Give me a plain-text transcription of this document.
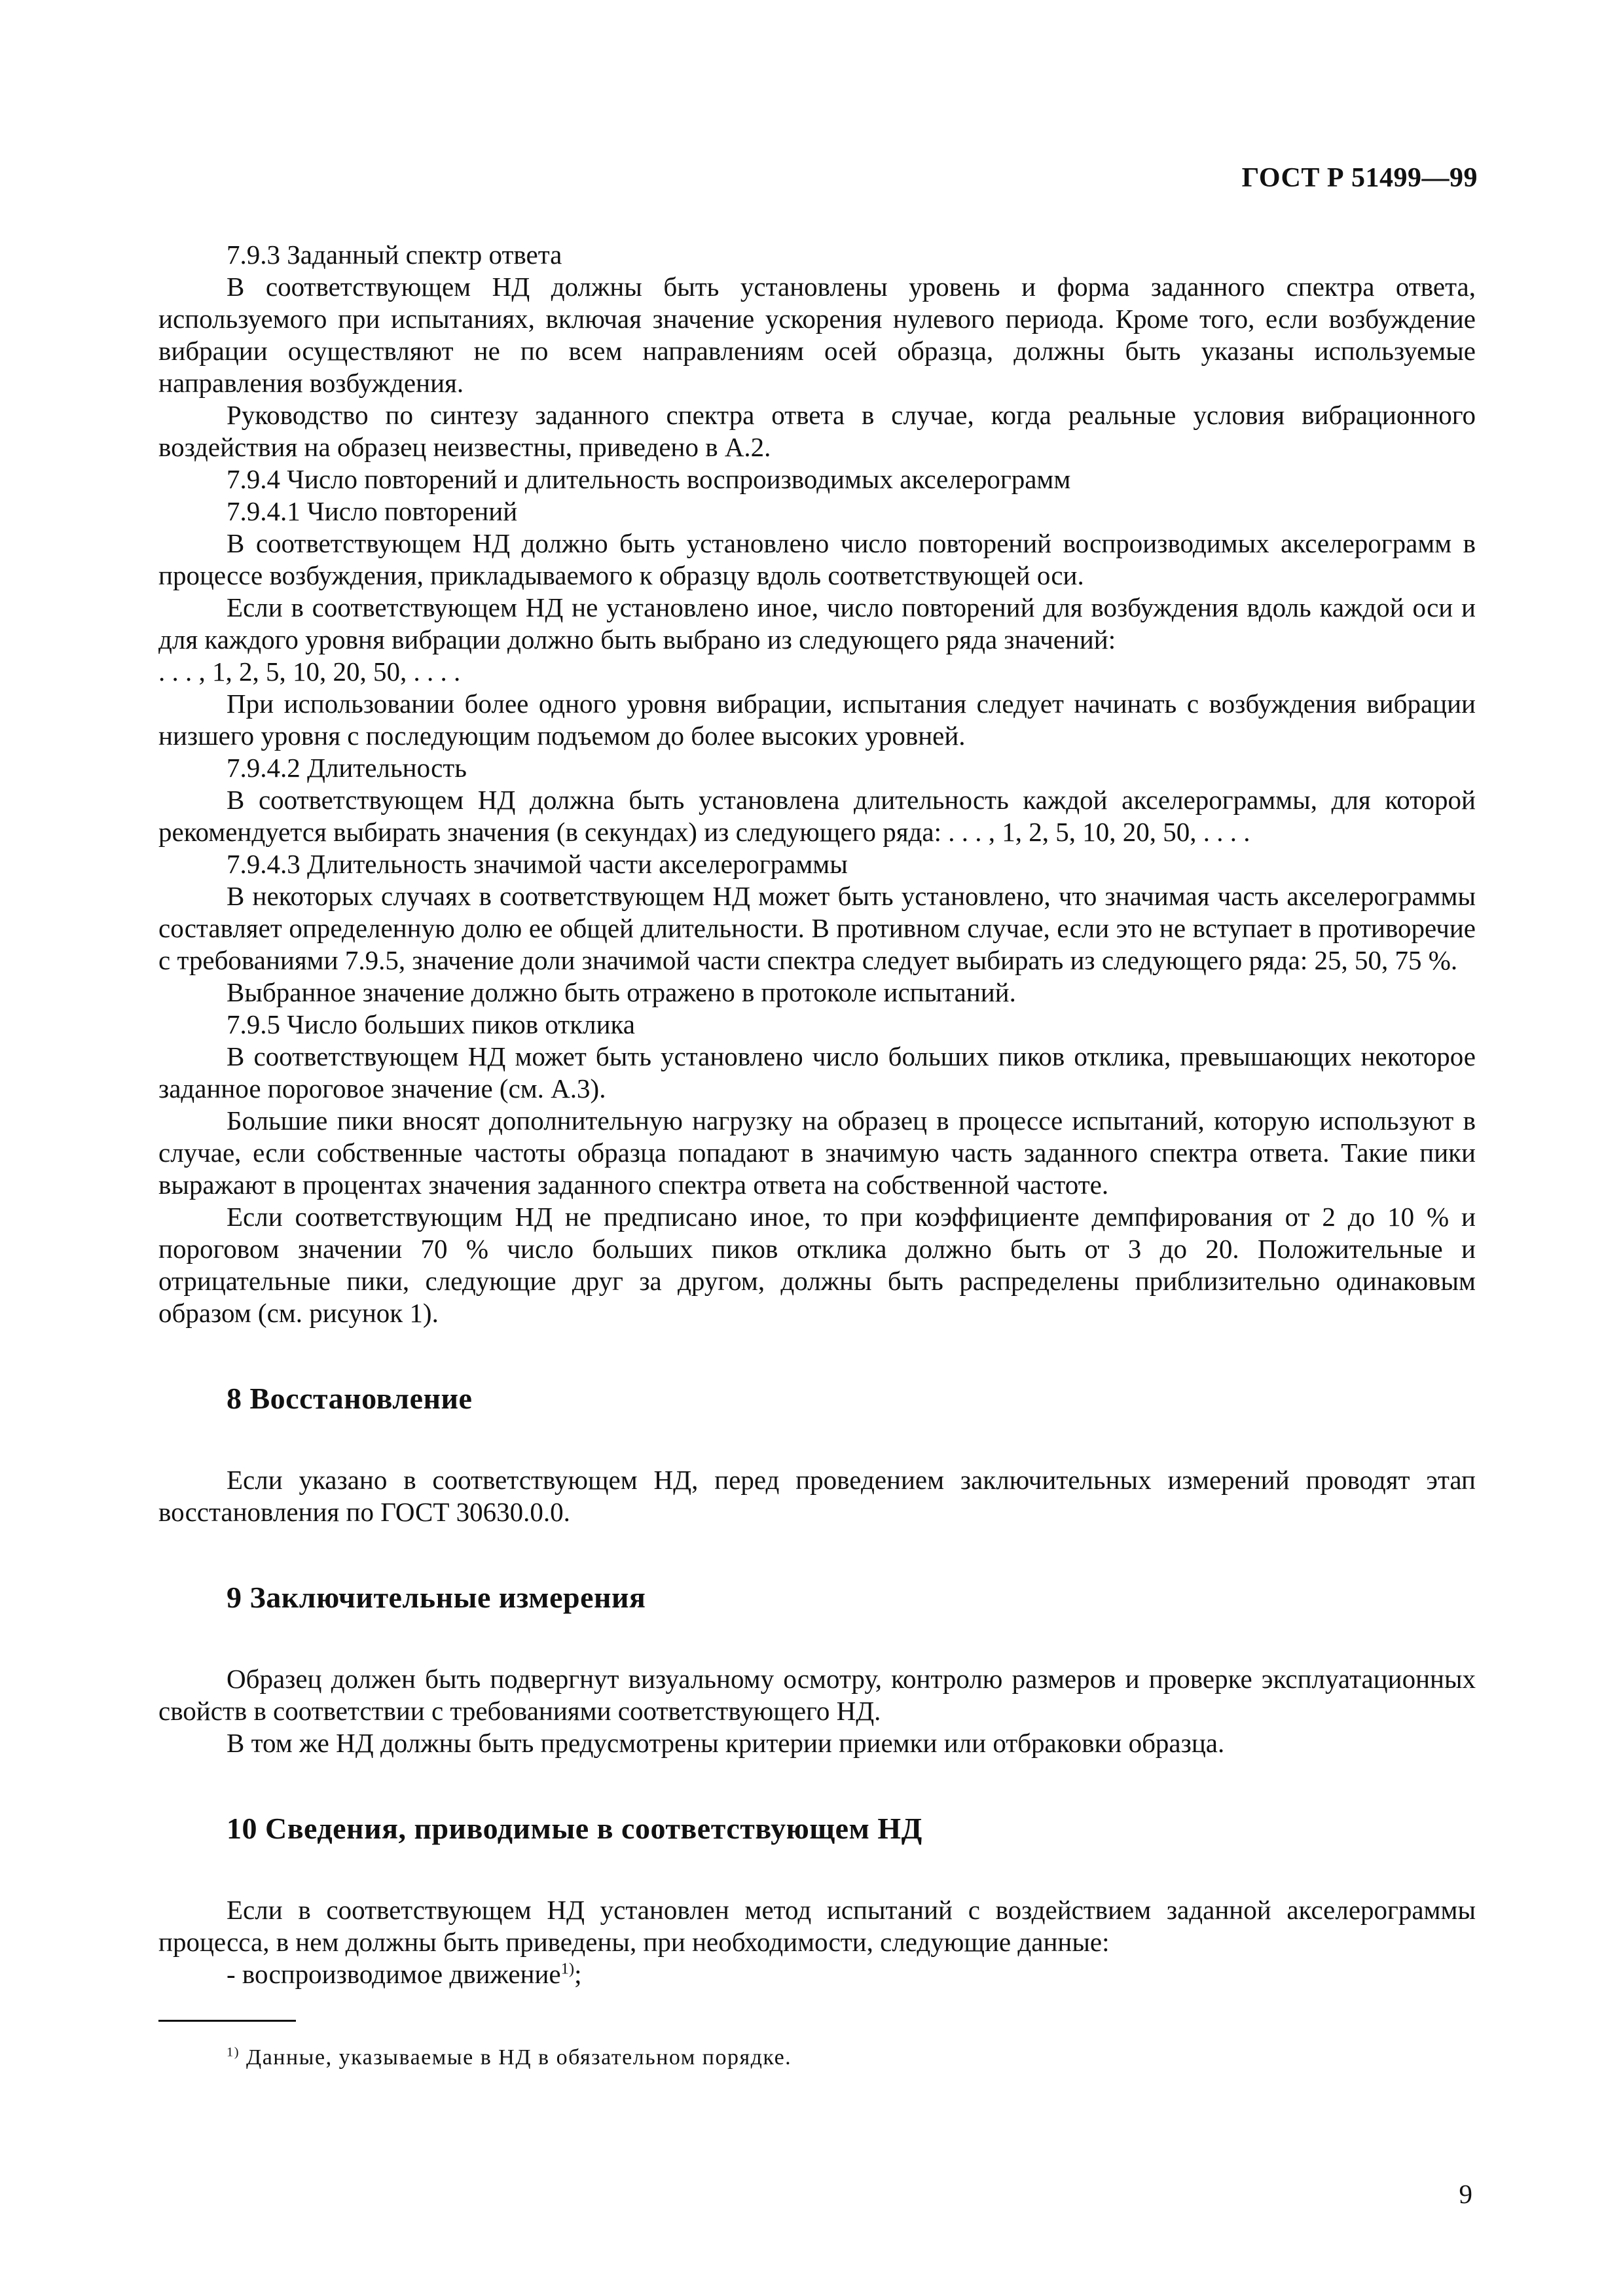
ГОСТ Р 51499—99

7.9.3 Заданный спектр ответа

В соответствующем НД должны быть установлены уровень и форма заданного спектра ответа, используемого при испытаниях, включая значение ускорения нулевого периода. Кроме того, если возбуждение вибрации осуществляют не по всем направлениям осей образца, должны быть указаны используемые направления возбуждения.

Руководство по синтезу заданного спектра ответа в случае, когда реальные условия вибрационного воздействия на образец неизвестны, приведено в А.2.

7.9.4 Число повторений и длительность воспроизводимых акселерограмм

7.9.4.1 Число повторений

В соответствующем НД должно быть установлено число повторений воспроизводимых акселерограмм в процессе возбуждения, прикладываемого к образцу вдоль соответствующей оси.

Если в соответствующем НД не установлено иное, число повторений для возбуждения вдоль каждой оси и для каждого уровня вибрации должно быть выбрано из следующего ряда значений:

. . . , 1, 2, 5, 10, 20, 50, . . . .

При использовании более одного уровня вибрации, испытания следует начинать с возбуждения вибрации низшего уровня с последующим подъемом до более высоких уровней.

7.9.4.2 Длительность

В соответствующем НД должна быть установлена длительность каждой акселерограммы, для которой рекомендуется выбирать значения (в секундах) из следующего ряда: . . . , 1, 2, 5, 10, 20, 50, . . . .

7.9.4.3 Длительность значимой части акселерограммы

В некоторых случаях в соответствующем НД может быть установлено, что значимая часть акселерограммы составляет определенную долю ее общей длительности. В противном случае, если это не вступает в противоречие с требованиями 7.9.5, значение доли значимой части спектра следует выбирать из следующего ряда: 25, 50, 75 %.

Выбранное значение должно быть отражено в протоколе испытаний.

7.9.5 Число больших пиков отклика

В соответствующем НД может быть установлено число больших пиков отклика, превышающих некоторое заданное пороговое значение (см. А.3).

Большие пики вносят дополнительную нагрузку на образец в процессе испытаний, которую используют в случае, если собственные частоты образца попадают в значимую часть заданного спектра ответа. Такие пики выражают в процентах значения заданного спектра ответа на собственной частоте.

Если соответствующим НД не предписано иное, то при коэффициенте демпфирования от 2 до 10 % и пороговом значении 70 % число больших пиков отклика должно быть от 3 до 20. Положительные и отрицательные пики, следующие друг за другом, должны быть распределены приблизительно одинаковым образом (см. рисунок 1).

8 Восстановление

Если указано в соответствующем НД, перед проведением заключительных измерений проводят этап восстановления по ГОСТ 30630.0.0.

9 Заключительные измерения

Образец должен быть подвергнут визуальному осмотру, контролю размеров и проверке эксплуатационных свойств в соответствии с требованиями соответствующего НД.

В том же НД должны быть предусмотрены критерии приемки или отбраковки образца.

10 Сведения, приводимые в соответствующем НД

Если в соответствующем НД установлен метод испытаний с воздействием заданной акселерограммы процесса, в нем должны быть приведены, при необходимости, следующие данные:

- воспроизводимое движение$^{1)}$;

$^{1)}$ Данные, указываемые в НД в обязательном порядке.

9
